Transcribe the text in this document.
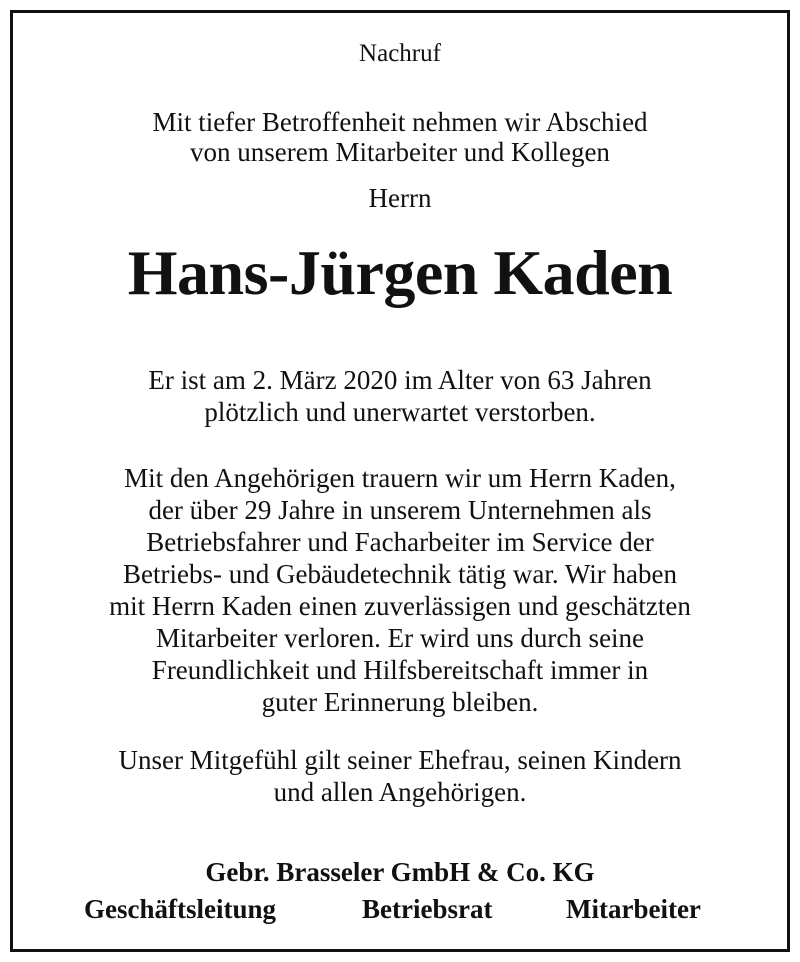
Nachruf
Mit tiefer Betroffenheit nehmen wir Abschied
von unserem Mitarbeiter und Kollegen
Herrn
Hans-Jürgen Kaden
Er ist am 2. März 2020 im Alter von 63 Jahren
plötzlich und unerwartet verstorben.
Mit den Angehörigen trauern wir um Herrn Kaden,
der über 29 Jahre in unserem Unternehmen als
Betriebsfahrer und Facharbeiter im Service der
Betriebs- und Gebäudetechnik tätig war. Wir haben
mit Herrn Kaden einen zuverlässigen und geschätzten
Mitarbeiter verloren. Er wird uns durch seine
Freundlichkeit und Hilfsbereitschaft immer in
guter Erinnerung bleiben.
Unser Mitgefühl gilt seiner Ehefrau, seinen Kindern
und allen Angehörigen.
Gebr. Brasseler GmbH & Co. KG
Geschäftsleitung	Betriebsrat	Mitarbeiter
